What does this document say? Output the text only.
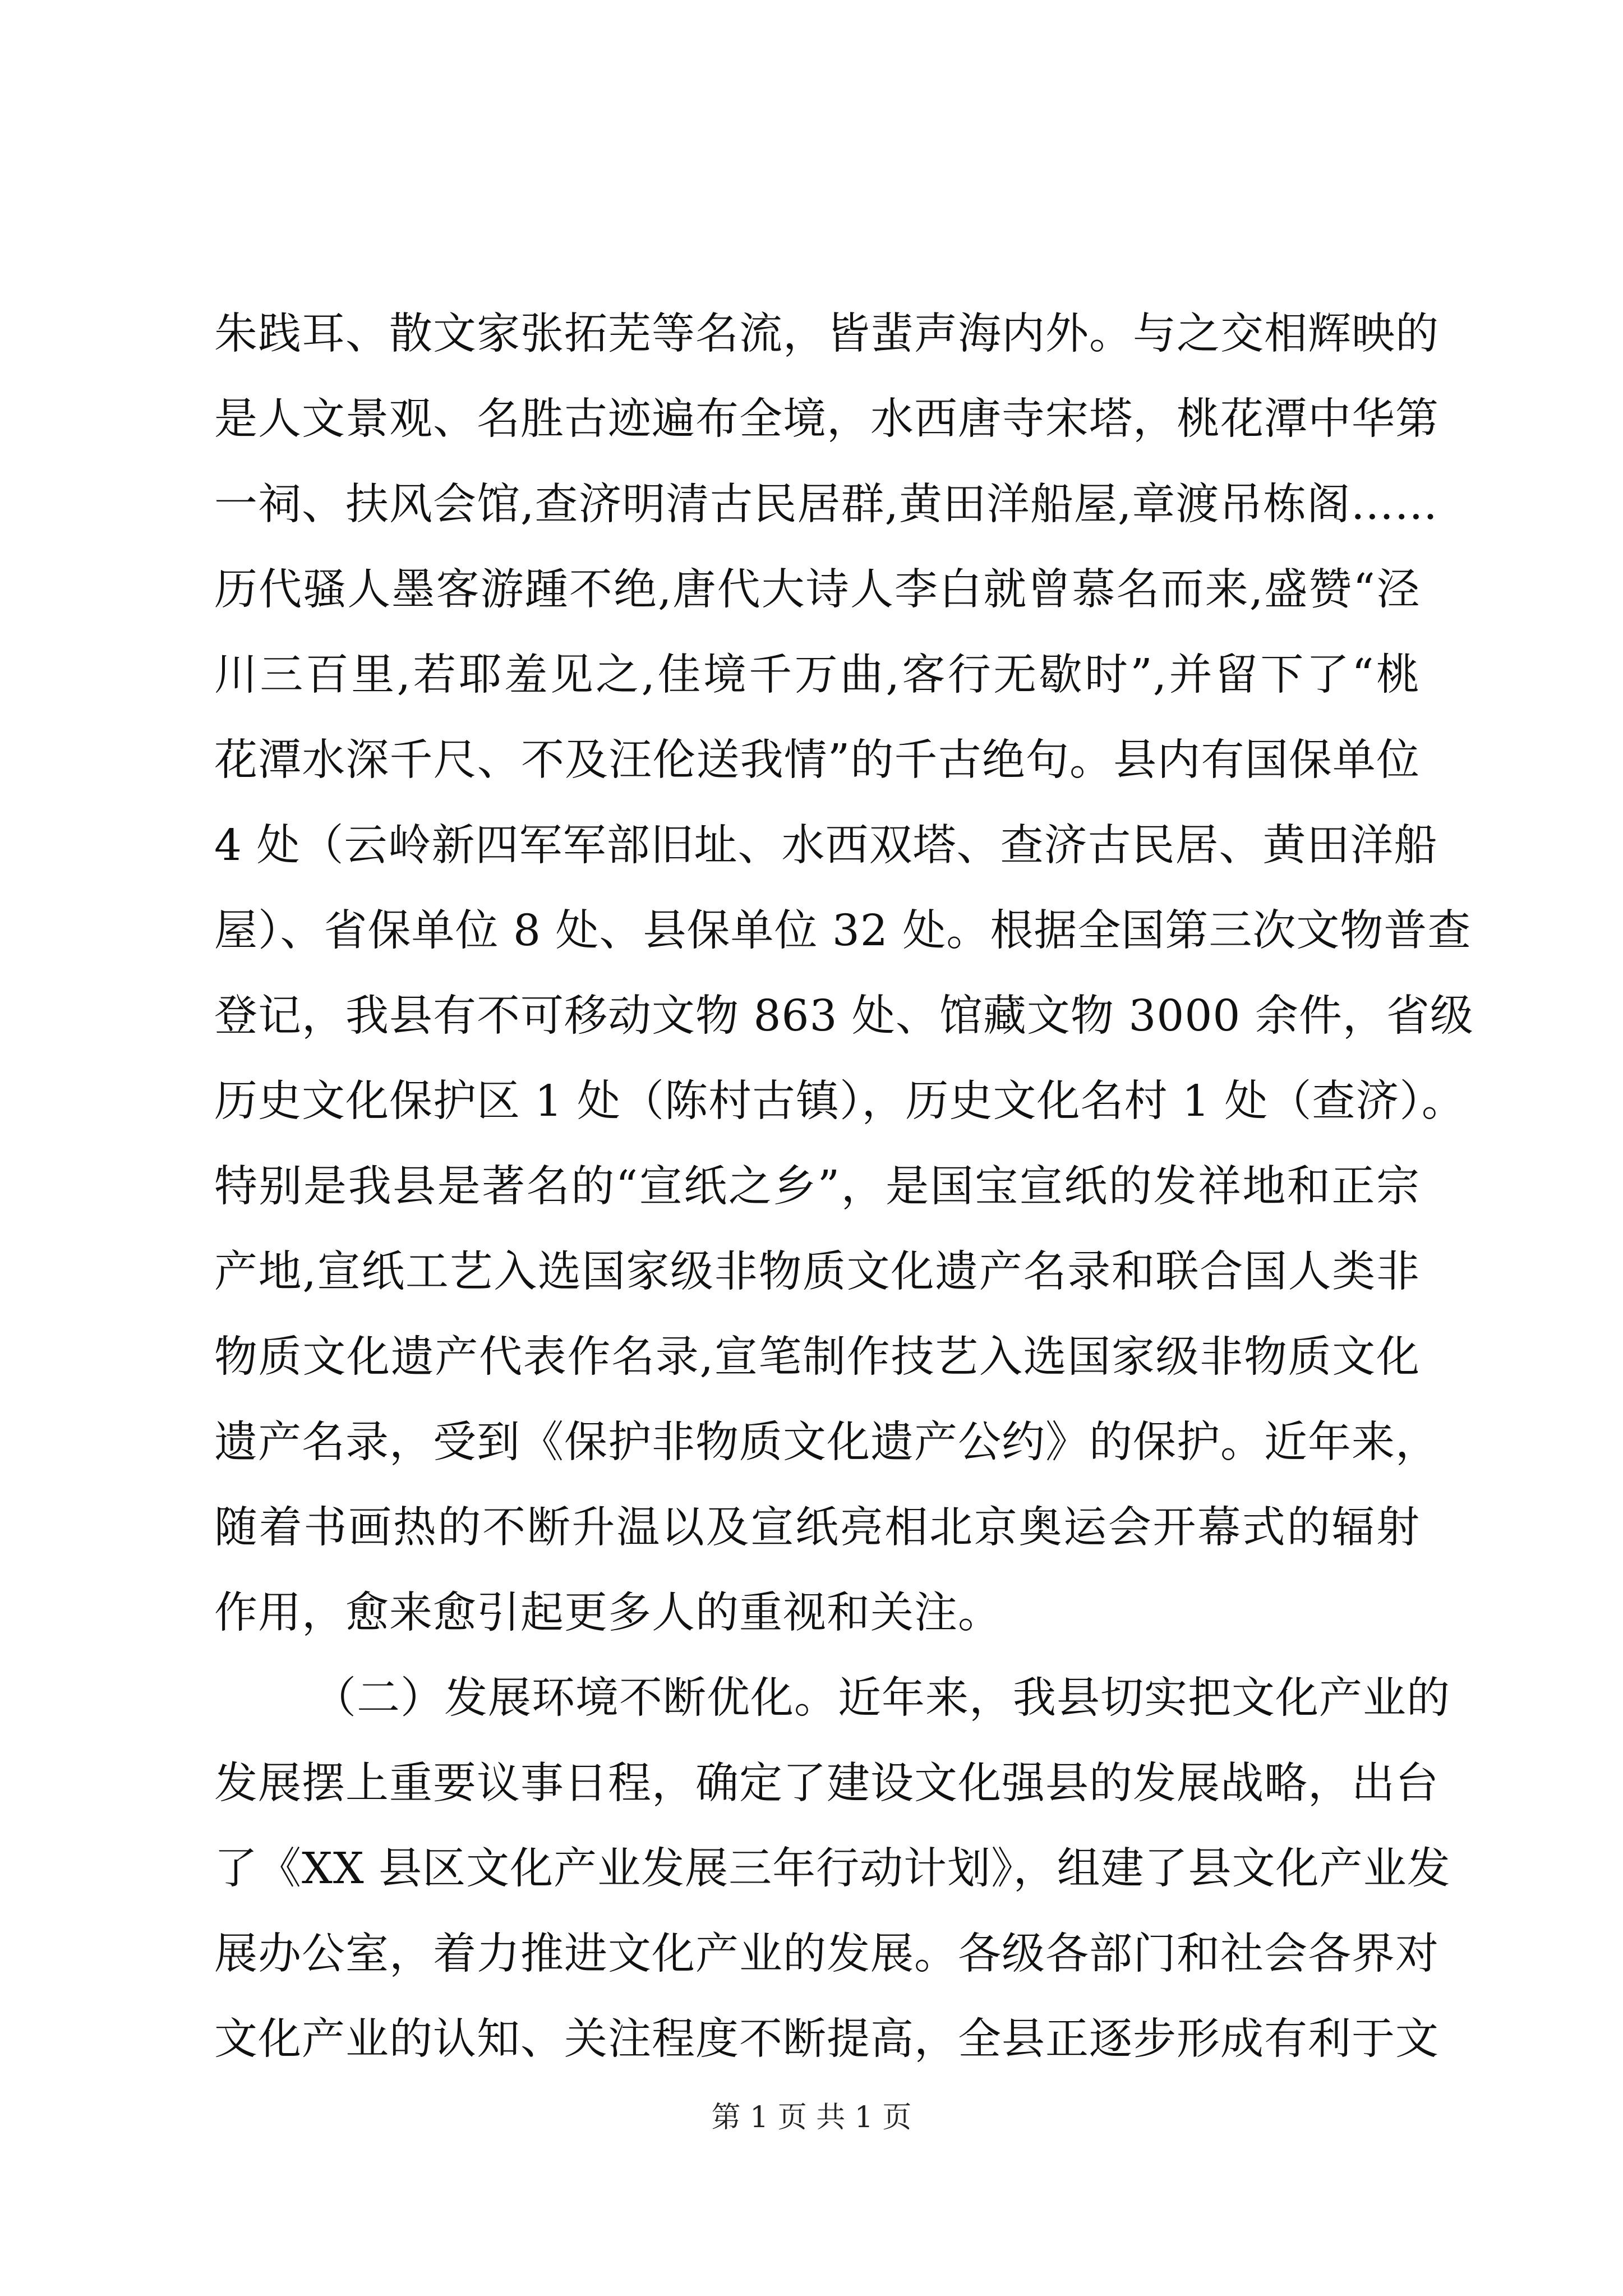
朱践耳、散文家张拓芜等名流，皆蜚声海内外。与之交相辉映的
是人文景观、名胜古迹遍布全境，水西唐寺宋塔，桃花潭中华第
一祠、扶风会馆,查济明清古民居群,黄田洋船屋,章渡吊栋阁……
历代骚人墨客游踵不绝,唐代大诗人李白就曾慕名而来,盛赞“泾
川三百里,若耶羞见之,佳境千万曲,客行无歇时”,并留下了“桃
花潭水深千尺、不及汪伦送我情”的千古绝句。县内有国保单位
4 处（云岭新四军军部旧址、水西双塔、查济古民居、黄田洋船
屋）、省保单位 8 处、县保单位 32 处。根据全国第三次文物普查
登记，我县有不可移动文物 863 处、馆藏文物 3000 余件，省级
历史文化保护区 1 处（陈村古镇），历史文化名村 1 处（查济）。
特别是我县是著名的“宣纸之乡”，是国宝宣纸的发祥地和正宗
产地,宣纸工艺入选国家级非物质文化遗产名录和联合国人类非
物质文化遗产代表作名录,宣笔制作技艺入选国家级非物质文化
遗产名录，受到《保护非物质文化遗产公约》的保护。近年来，
随着书画热的不断升温以及宣纸亮相北京奥运会开幕式的辐射
作用，愈来愈引起更多人的重视和关注。
（二）发展环境不断优化。近年来，我县切实把文化产业的
发展摆上重要议事日程，确定了建设文化强县的发展战略，出台
了《XX 县区文化产业发展三年行动计划》，组建了县文化产业发
展办公室，着力推进文化产业的发展。各级各部门和社会各界对
文化产业的认知、关注程度不断提高，全县正逐步形成有利于文
第 1 页 共 1 页
